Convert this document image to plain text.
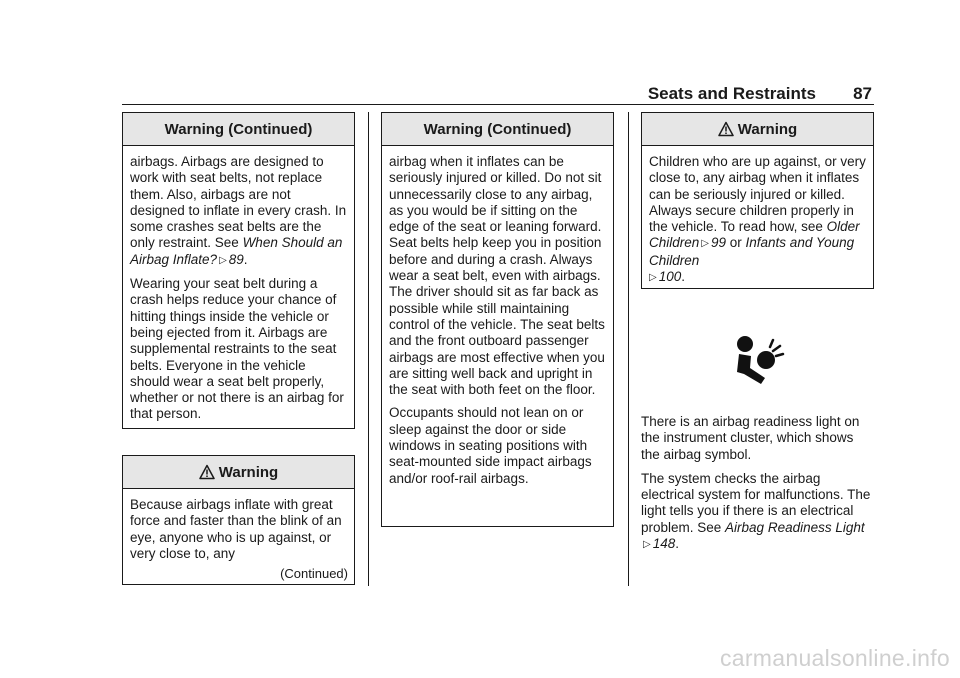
Seats and Restraints 87
Warning (Continued)

airbags. Airbags are designed to work with seat belts, not replace them. Also, airbags are not designed to inflate in every crash. In some crashes seat belts are the only restraint. See When Should an Airbag Inflate? ▷ 89.

Wearing your seat belt during a crash helps reduce your chance of hitting things inside the vehicle or being ejected from it. Airbags are supplemental restraints to the seat belts. Everyone in the vehicle should wear a seat belt properly, whether or not there is an airbag for that person.

Warning

Because airbags inflate with great force and faster than the blink of an eye, anyone who is up against, or very close to, any

(Continued)
Warning (Continued)

airbag when it inflates can be seriously injured or killed. Do not sit unnecessarily close to any airbag, as you would be if sitting on the edge of the seat or leaning forward. Seat belts help keep you in position before and during a crash. Always wear a seat belt, even with airbags. The driver should sit as far back as possible while still maintaining control of the vehicle. The seat belts and the front outboard passenger airbags are most effective when you are sitting well back and upright in the seat with both feet on the floor.

Occupants should not lean on or sleep against the door or side windows in seating positions with seat-mounted side impact airbags and/or roof-rail airbags.

Warning

Children who are up against, or very close to, any airbag when it inflates can be seriously injured or killed. Always secure children properly in the vehicle. To read how, see Older Children ▷ 99 or Infants and Young Children
▷ 100.

There is an airbag readiness light on the instrument cluster, which shows the airbag symbol.

The system checks the airbag electrical system for malfunctions. The light tells you if there is an electrical problem. See Airbag Readiness Light▷ 148.

carmanualsonline.info
